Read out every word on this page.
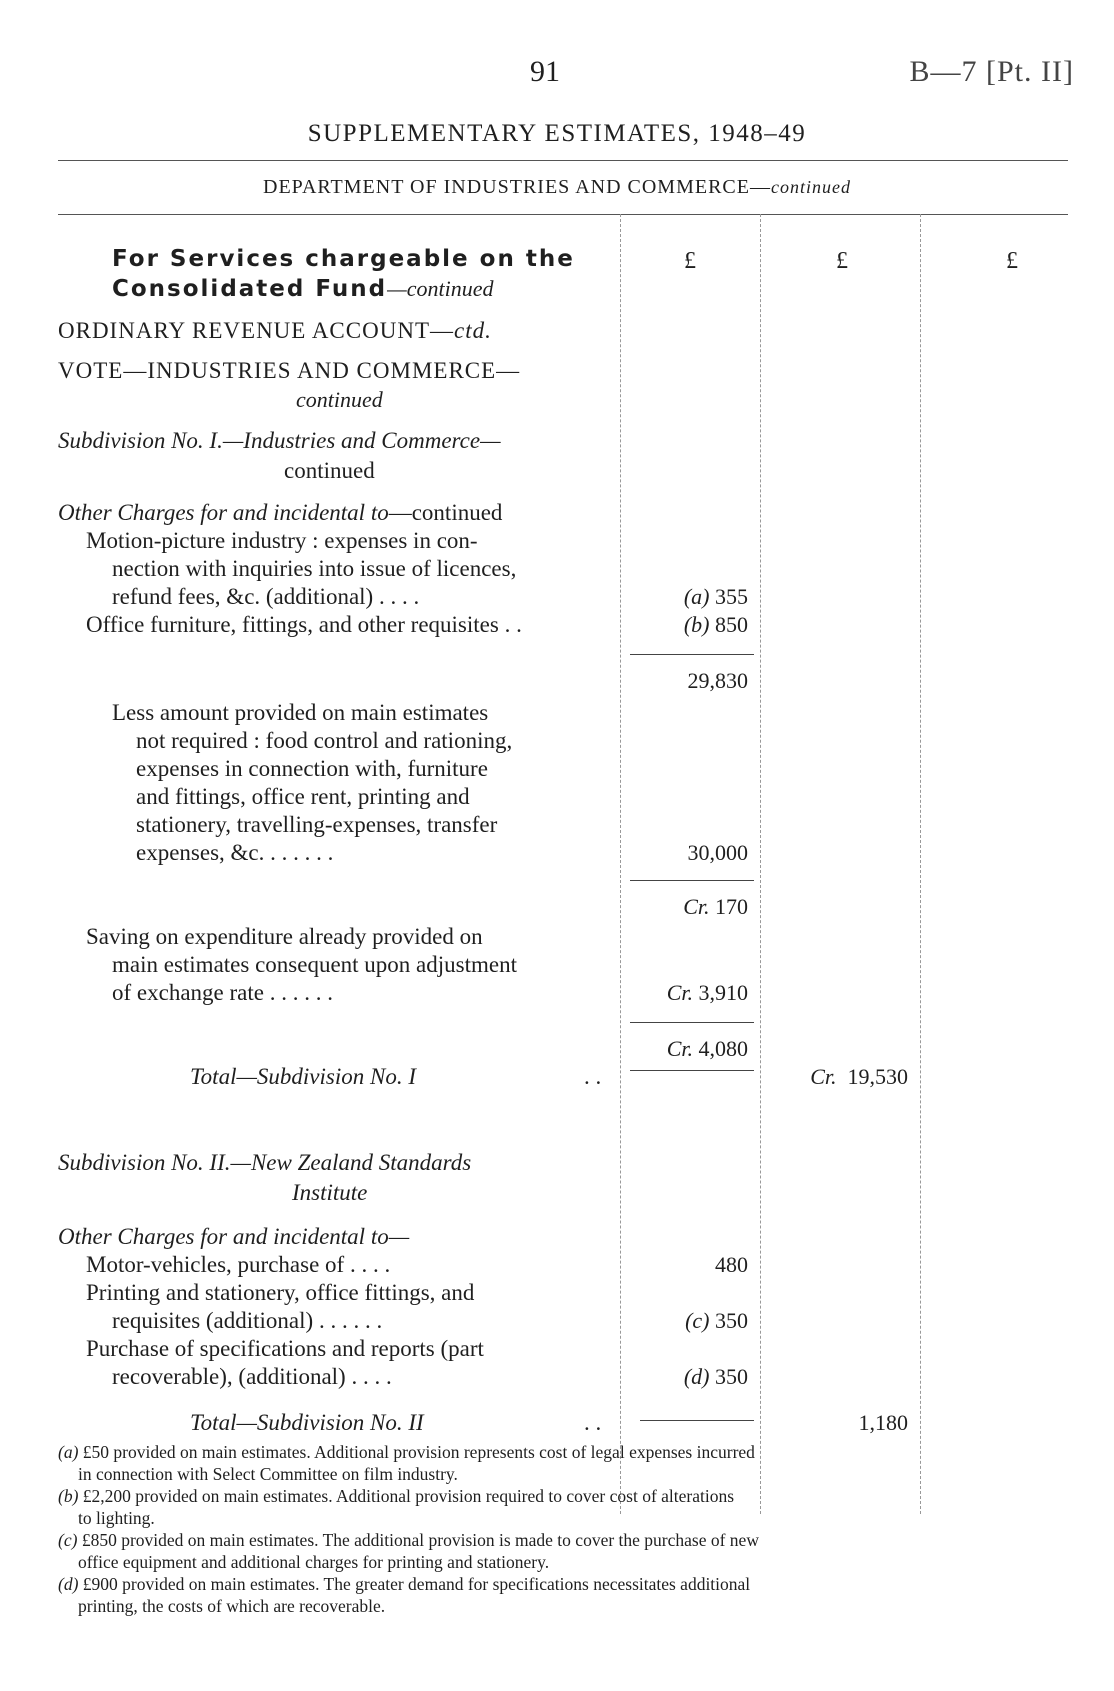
91	B—7 [Pt. II]
SUPPLEMENTARY ESTIMATES, 1948–49
DEPARTMENT OF INDUSTRIES AND COMMERCE—continued
£	£	£
For Services chargeable on the
Consolidated Fund—continued
ORDINARY REVENUE ACCOUNT—ctd.
VOTE—INDUSTRIES AND COMMERCE—
continued
Subdivision No. I.—Industries and Commerce—
continued
Other Charges for and incidental to—continued
Motion-picture industry : expenses in con-
nection with inquiries into issue of licences,
refund fees, &c. (additional) . . . .	(a) 355
Office furniture, fittings, and other requisites . .	(b) 850
29,830
Less amount provided on main estimates
not required : food control and rationing,
expenses in connection with, furniture
and fittings, office rent, printing and
stationery, travelling-expenses, transfer
expenses, &c. . . . . . .	30,000
Cr. 170
Saving on expenditure already provided on
main estimates consequent upon adjustment
of exchange rate . . . . . .	Cr. 3,910
Cr. 4,080
Total—Subdivision No. I	. .	Cr. 19,530
Subdivision No. II.—New Zealand Standards
Institute
Other Charges for and incidental to—
Motor-vehicles, purchase of . . . .	480
Printing and stationery, office fittings, and
requisites (additional) . . . . . .	(c) 350
Purchase of specifications and reports (part
recoverable), (additional) . . . .	(d) 350
Total—Subdivision No. II	. .	1,180
(a) £50 provided on main estimates. Additional provision represents cost of legal expenses incurred
in connection with Select Committee on film industry.
(b) £2,200 provided on main estimates. Additional provision required to cover cost of alterations
to lighting.
(c) £850 provided on main estimates. The additional provision is made to cover the purchase of new
office equipment and additional charges for printing and stationery.
(d) £900 provided on main estimates. The greater demand for specifications necessitates additional
printing, the costs of which are recoverable.
